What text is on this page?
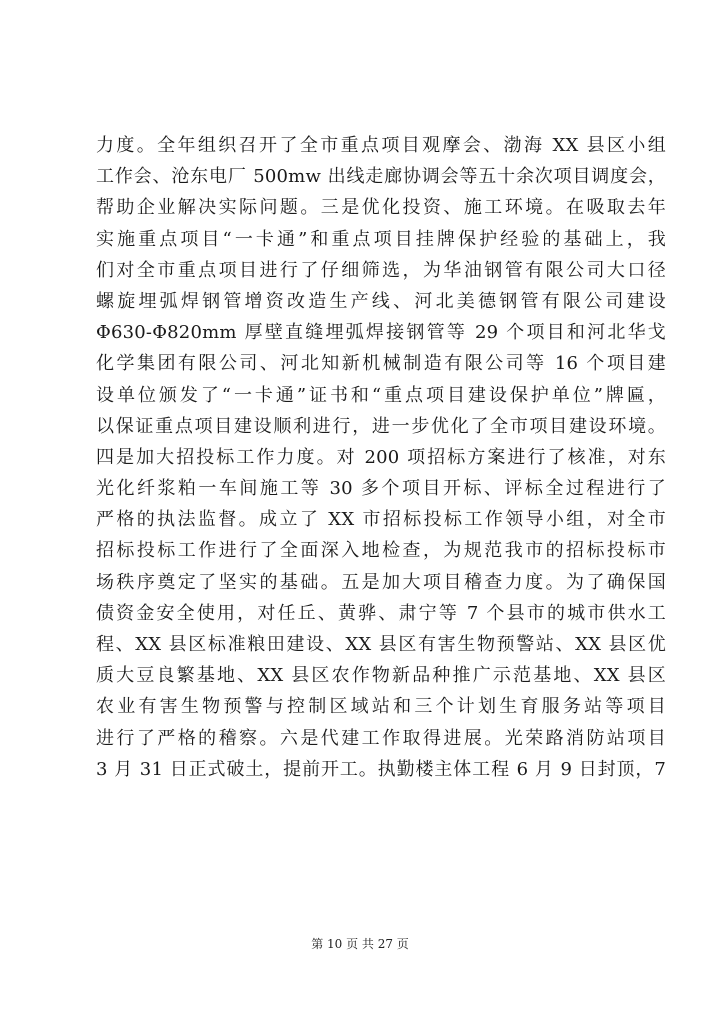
力度。全年组织召开了全市重点项目观摩会、渤海 XX 县区小组
工作会、沧东电厂 500mw 出线走廊协调会等五十余次项目调度会，
帮助企业解决实际问题。三是优化投资、施工环境。在吸取去年
实施重点项目“一卡通”和重点项目挂牌保护经验的基础上，我
们对全市重点项目进行了仔细筛选，为华油钢管有限公司大口径
螺旋埋弧焊钢管增资改造生产线、河北美德钢管有限公司建设
Φ630-Φ820mm 厚壁直缝埋弧焊接钢管等 29 个项目和河北华戈
化学集团有限公司、河北知新机械制造有限公司等 16 个项目建
设单位颁发了“一卡通”证书和“重点项目建设保护单位”牌匾，
以保证重点项目建设顺利进行，进一步优化了全市项目建设环境。
四是加大招投标工作力度。对 200 项招标方案进行了核准，对东
光化纤浆粕一车间施工等 30 多个项目开标、评标全过程进行了
严格的执法监督。成立了 XX 市招标投标工作领导小组，对全市
招标投标工作进行了全面深入地检查，为规范我市的招标投标市
场秩序奠定了坚实的基础。五是加大项目稽查力度。为了确保国
债资金安全使用，对任丘、黄骅、肃宁等 7 个县市的城市供水工
程、XX 县区标准粮田建设、XX 县区有害生物预警站、XX 县区优
质大豆良繁基地、XX 县区农作物新品种推广示范基地、XX 县区
农业有害生物预警与控制区域站和三个计划生育服务站等项目
进行了严格的稽察。六是代建工作取得进展。光荣路消防站项目
3 月 31 日正式破土，提前开工。执勤楼主体工程 6 月 9 日封顶，7
第 10 页 共 27 页
